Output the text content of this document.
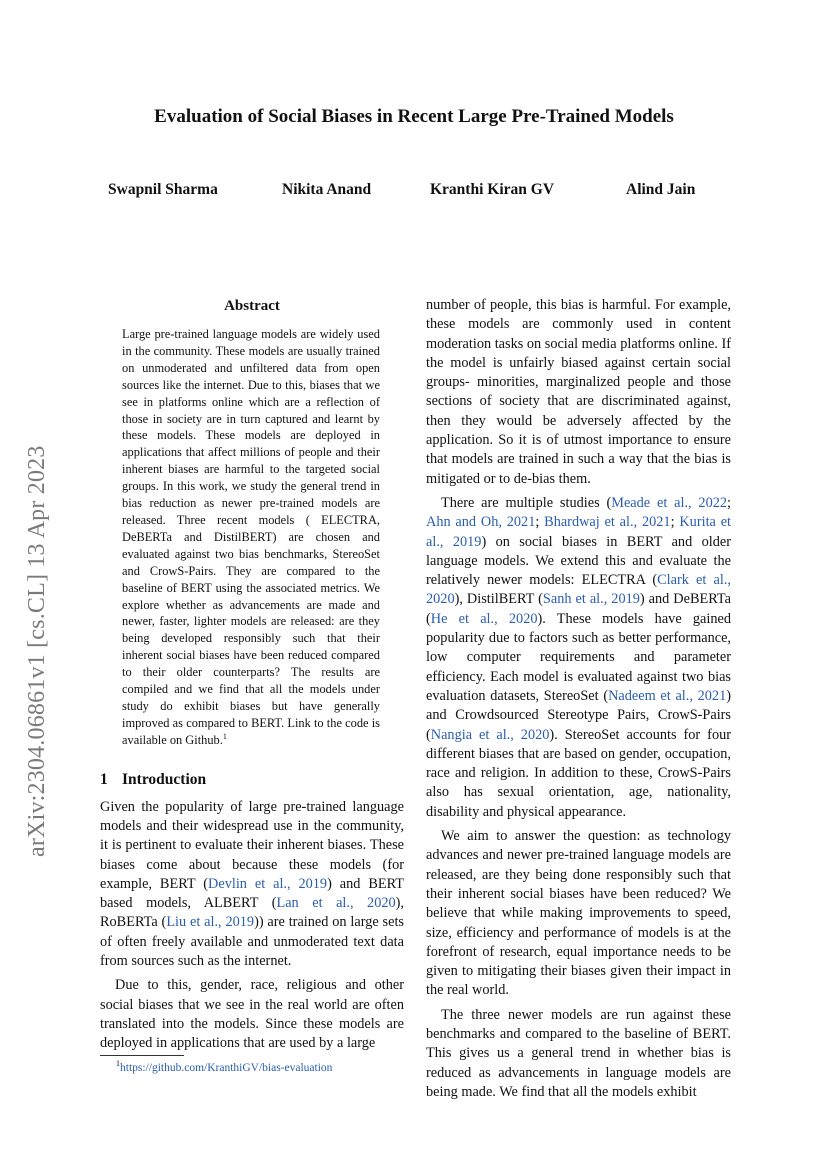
Evaluation of Social Biases in Recent Large Pre-Trained Models
Swapnil Sharma	Nikita Anand	Kranthi Kiran GV	Alind Jain
arXiv:2304.06861v1 [cs.CL] 13 Apr 2023
Abstract

Large pre-trained language models are widely used in the community. These models are usually trained on unmoderated and unfiltered data from open sources like the internet. Due to this, biases that we see in platforms online which are a reflection of those in society are in turn captured and learnt by these models. These models are deployed in applications that affect millions of people and their inherent biases are harmful to the targeted social groups. In this work, we study the general trend in bias reduction as newer pre-trained models are released. Three recent models ( ELECTRA, DeBERTa and DistilBERT) are chosen and evaluated against two bias benchmarks, StereoSet and CrowS-Pairs. They are compared to the baseline of BERT using the associated metrics. We explore whether as advancements are made and newer, faster, lighter models are released: are they being developed responsibly such that their inherent social biases have been reduced compared to their older counterparts? The results are compiled and we find that all the models under study do exhibit biases but have generally improved as compared to BERT. Link to the code is available on Github.$^1$

1 Introduction

Given the popularity of large pre-trained language models and their widespread use in the community, it is pertinent to evaluate their inherent biases. These biases come about because these models (for example, BERT (Devlin et al., 2019) and BERT based models, ALBERT (Lan et al., 2020), RoBERTa (Liu et al., 2019)) are trained on large sets of often freely available and unmoderated text data from sources such as the internet.

Due to this, gender, race, religious and other social biases that we see in the real world are often translated into the models. Since these models are deployed in applications that are used by a large

number of people, this bias is harmful. For example, these models are commonly used in content moderation tasks on social media platforms online. If the model is unfairly biased against certain social groups- minorities, marginalized people and those sections of society that are discriminated against, then they would be adversely affected by the application. So it is of utmost importance to ensure that models are trained in such a way that the bias is mitigated or to de-bias them.

There are multiple studies (Meade et al., 2022; Ahn and Oh, 2021; Bhardwaj et al., 2021; Kurita et al., 2019) on social biases in BERT and older language models. We extend this and evaluate the relatively newer models: ELECTRA (Clark et al., 2020), DistilBERT (Sanh et al., 2019) and DeBERTa (He et al., 2020). These models have gained popularity due to factors such as better performance, low computer requirements and parameter efficiency. Each model is evaluated against two bias evaluation datasets, StereoSet (Nadeem et al., 2021) and Crowdsourced Stereotype Pairs, CrowS-Pairs (Nangia et al., 2020). StereoSet accounts for four different biases that are based on gender, occupation, race and religion. In addition to these, CrowS-Pairs also has sexual orientation, age, nationality, disability and physical appearance.

We aim to answer the question: as technology advances and newer pre-trained language models are released, are they being done responsibly such that their inherent social biases have been reduced? We believe that while making improvements to speed, size, efficiency and performance of models is at the forefront of research, equal importance needs to be given to mitigating their biases given their impact in the real world.

The three newer models are run against these benchmarks and compared to the baseline of BERT. This gives us a general trend in whether bias is reduced as advancements in language models are being made. We find that all the models exhibit

$^1$https://github.com/KranthiGV/bias-evaluation
